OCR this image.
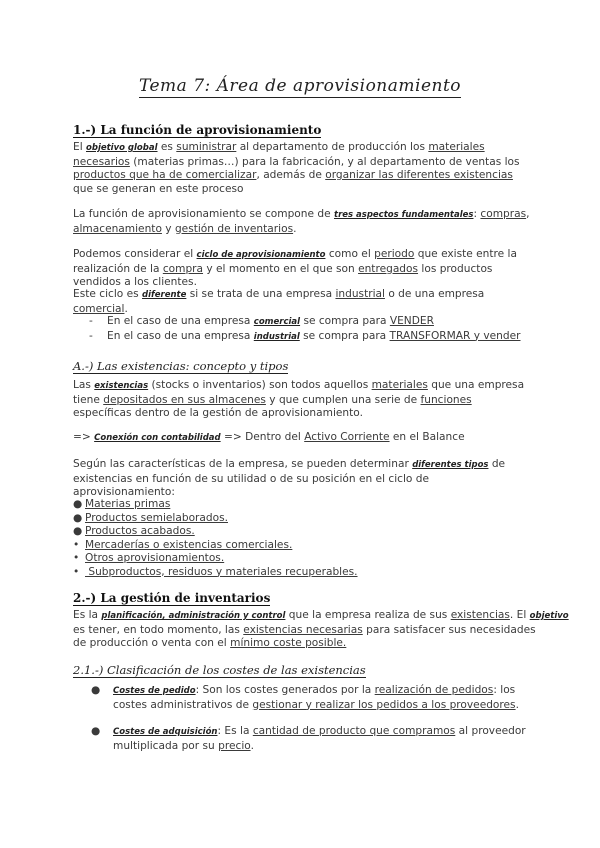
Tema 7: Área de aprovisionamiento
1.-) La función de aprovisionamiento
El objetivo global es suministrar al departamento de producción los materiales
necesarios (materias primas…) para la fabricación, y al departamento de ventas los
productos que ha de comercializar, además de organizar las diferentes existencias
que se generan en este proceso
La función de aprovisionamiento se compone de tres aspectos fundamentales: compras,
almacenamiento y gestión de inventarios.
Podemos considerar el ciclo de aprovisionamiento como el periodo que existe entre la
realización de la compra y el momento en el que son entregados los productos
vendidos a los clientes.
Este ciclo es diferente si se trata de una empresa industrial o de una empresa
comercial.
- En el caso de una empresa comercial se compra para VENDER
- En el caso de una empresa industrial se compra para TRANSFORMAR y vender
A.-) Las existencias: concepto y tipos
Las existencias (stocks o inventarios) son todos aquellos materiales que una empresa
tiene depositados en sus almacenes y que cumplen una serie de funciones
específicas dentro de la gestión de aprovisionamiento.
=> Conexión con contabilidad => Dentro del Activo Corriente en el Balance
Según las características de la empresa, se pueden determinar diferentes tipos de
existencias en función de su utilidad o de su posición en el ciclo de
aprovisionamiento:
● Materias primas
● Productos semielaborados.
● Productos acabados.
• Mercaderías o existencias comerciales.
• Otros aprovisionamientos.
• Subproductos, residuos y materiales recuperables.
2.-) La gestión de inventarios
Es la planificación, administración y control que la empresa realiza de sus existencias. El objetivo
es tener, en todo momento, las existencias necesarias para satisfacer sus necesidades
de producción o venta con el mínimo coste posible.
2.1.-) Clasificación de los costes de las existencias
● Costes de pedido: Son los costes generados por la realización de pedidos: los
costes administrativos de gestionar y realizar los pedidos a los proveedores.
● Costes de adquisición: Es la cantidad de producto que compramos al proveedor
multiplicada por su precio.
